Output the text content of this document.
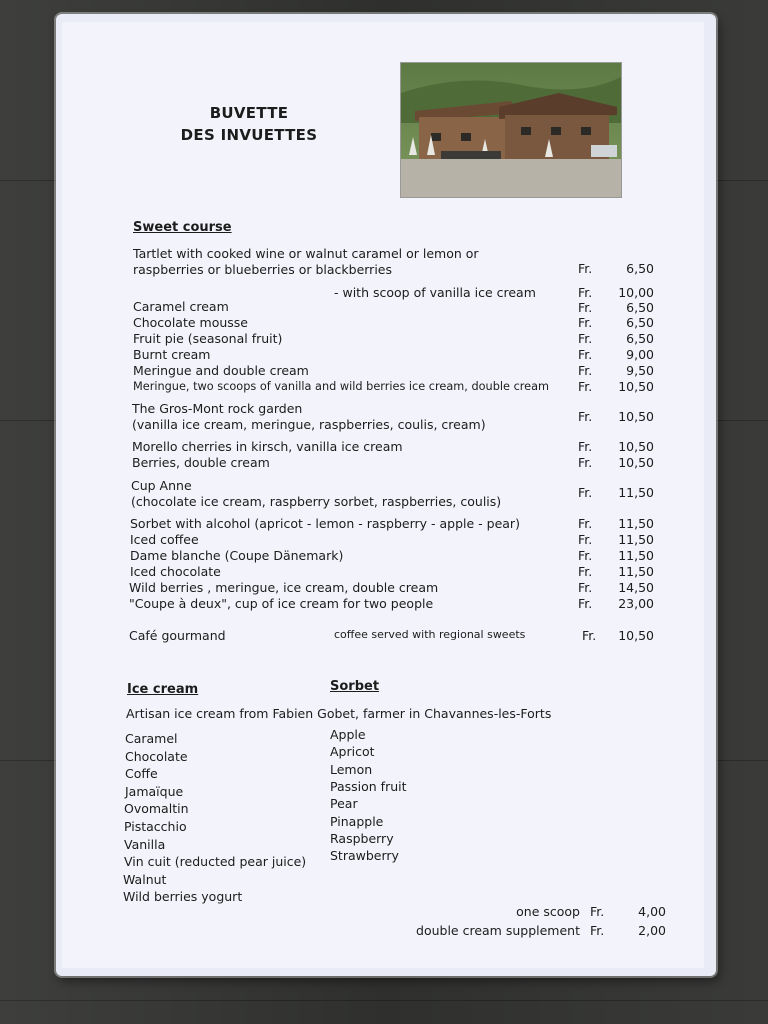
BUVETTE
DES INVUETTES
Sweet course
Tartlet with cooked wine or walnut caramel or lemon or
raspberries or blueberries or blackberries	Fr.	6,50
- with scoop of vanilla ice cream	Fr.	10,00
Caramel cream	Fr.	6,50
Chocolate mousse	Fr.	6,50
Fruit pie (seasonal fruit)	Fr.	6,50
Burnt cream	Fr.	9,00
Meringue and double cream	Fr.	9,50
Meringue, two scoops of vanilla and wild berries ice cream, double cream Fr.	10,50
The Gros-Mont rock garden
(vanilla ice cream, meringue, raspberries, coulis, cream)
Fr.	10,50
Morello cherries in kirsch, vanilla ice cream	Fr.	10,50
Berries, double cream	Fr.	10,50
Cup Anne
(chocolate ice cream, raspberry sorbet, raspberries, coulis)
Fr.	11,50
Sorbet with alcohol (apricot - lemon - raspberry - apple - pear)	Fr.	11,50
Iced coffee	Fr.	11,50
Dame blanche (Coupe Dänemark)	Fr.	11,50
Iced chocolate	Fr.	11,50
Wild berries , meringue, ice cream, double cream	Fr.	14,50
"Coupe à deux", cup of ice cream for two people	Fr.	23,00
Café gourmand	coffee served with regional sweets	Fr.	10,50
Ice cream	Sorbet
Artisan ice cream from Fabien Gobet, farmer in Chavannes-les-Forts
Caramel
Chocolate
Coffe
Jamaïque
Ovomaltin
Pistacchio
Vanilla
Vin cuit (reducted pear juice)
Walnut
Wild berries yogurt
Apple
Apricot
Lemon
Passion fruit
Pear
Pinapple
Raspberry
Strawberry
one scoop Fr.	4,00
double cream supplement Fr.	2,00
